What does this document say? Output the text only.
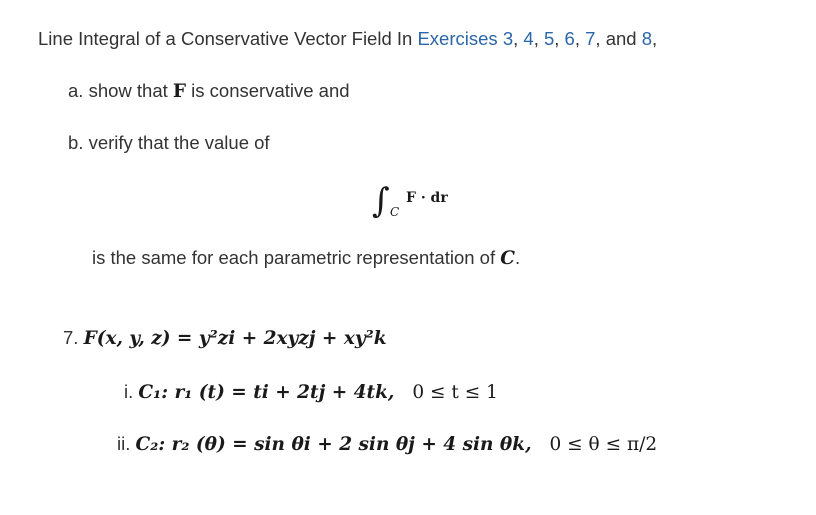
Line Integral of a Conservative Vector Field In Exercises 3, 4, 5, 6, 7, and 8,
a. show that F is conservative and
b. verify that the value of
∫ C
F · dr
is the same for each parametric representation of C.
7. F(x, y, z) = y²zi + 2xyzj + xy²k
i. C₁: r₁ (t) = ti + 2tj + 4tk, 0 ≤ t ≤ 1
ii. C₂: r₂ (θ) = sin θi + 2 sin θj + 4 sin θk, 0 ≤ θ ≤ π/2
